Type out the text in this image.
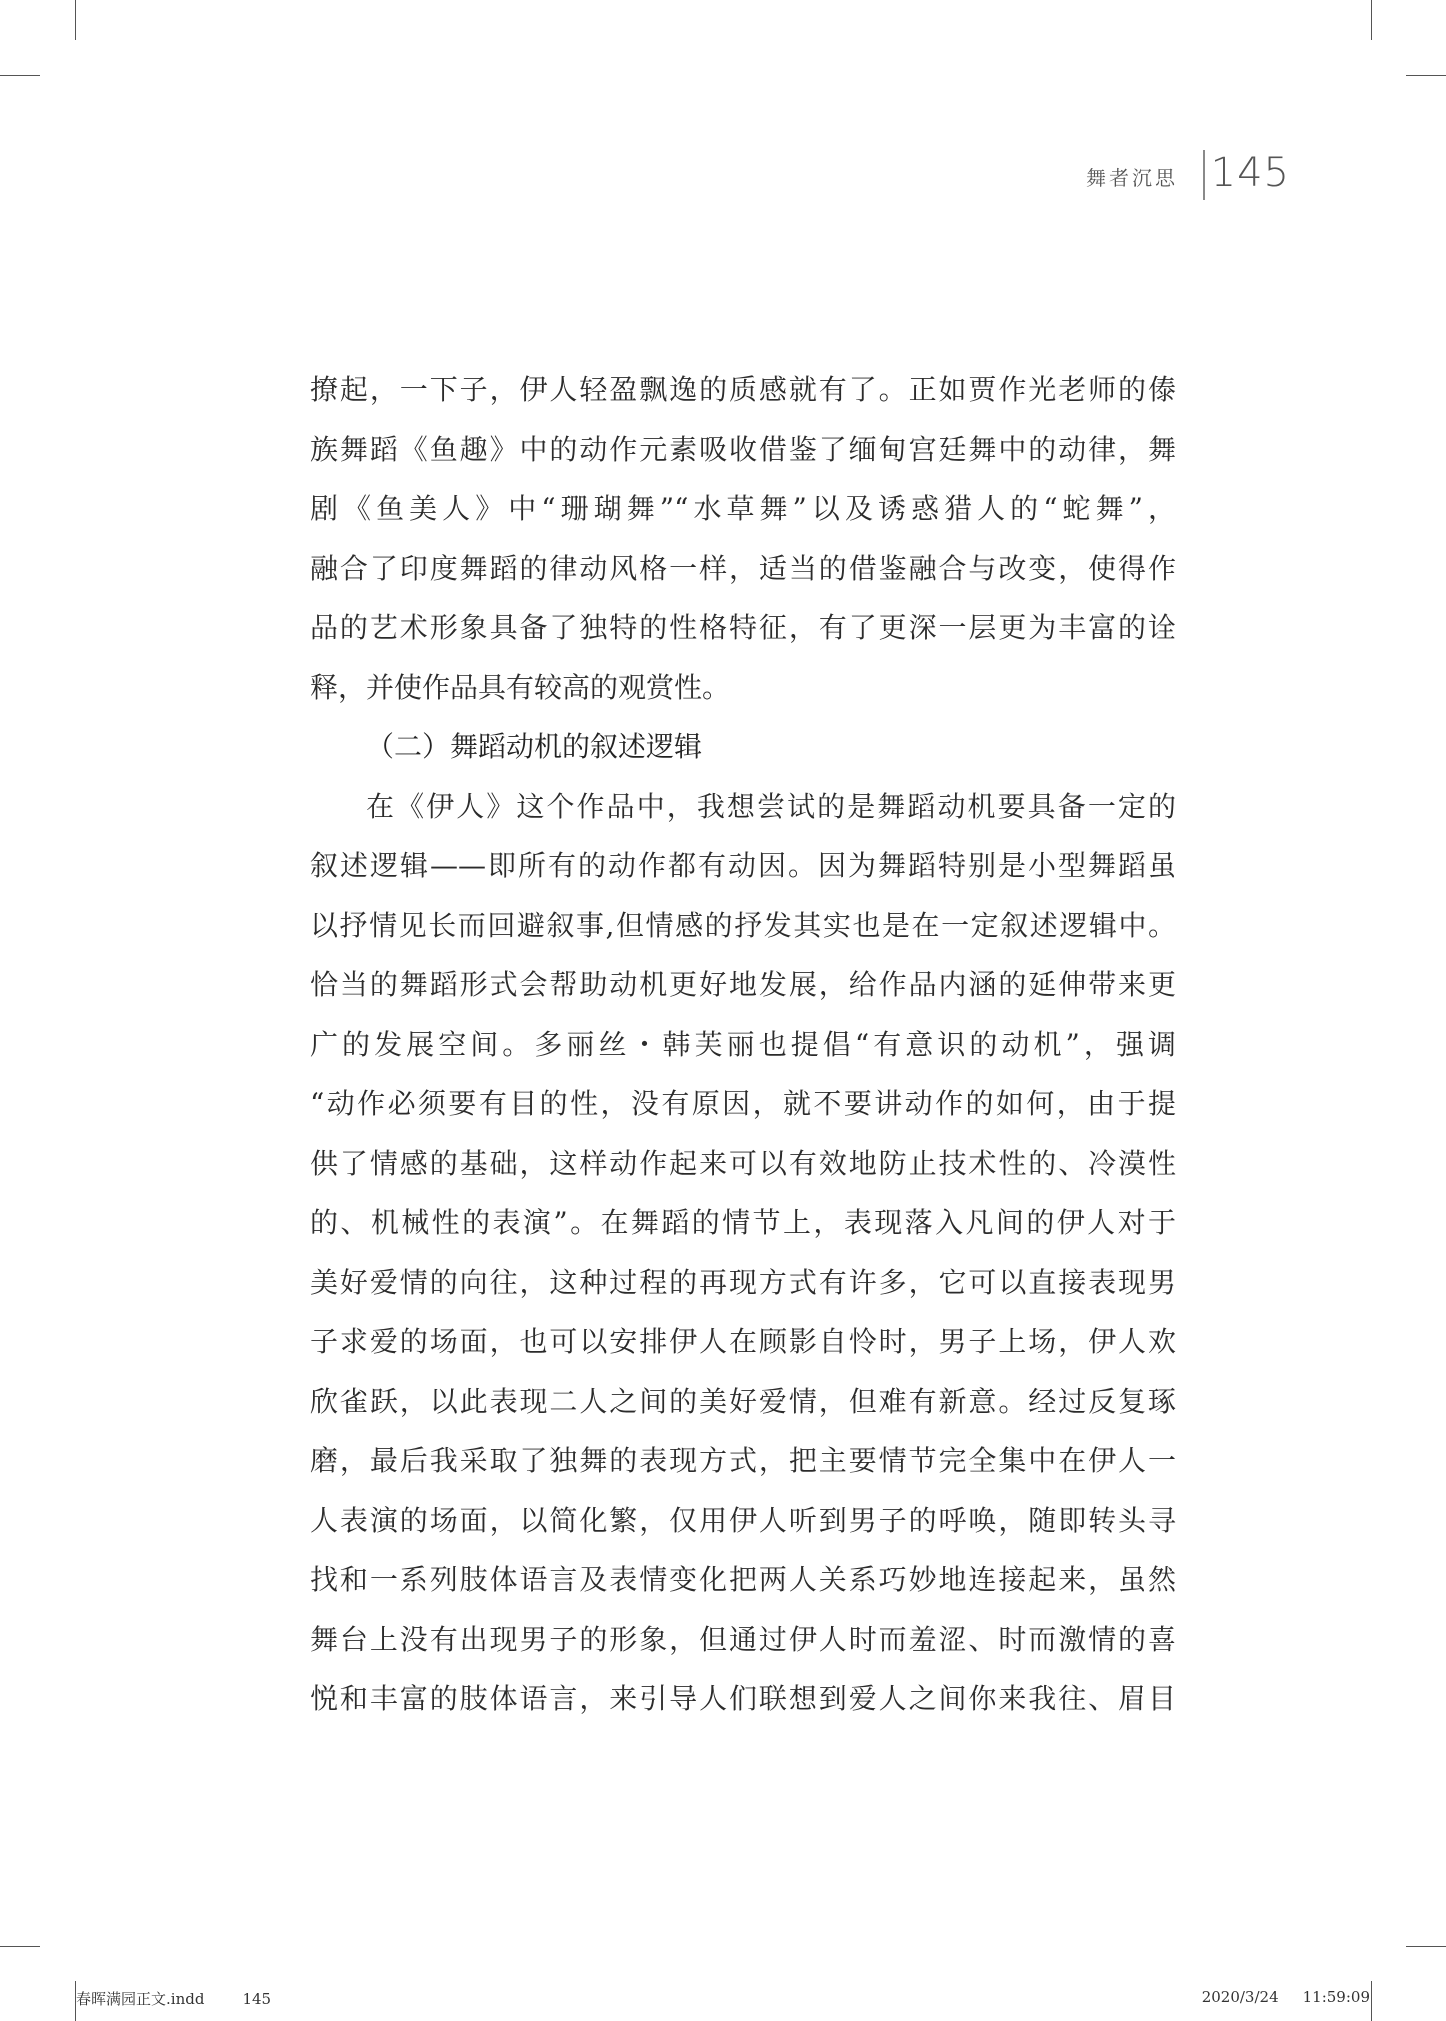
舞者沉思 145
撩起，一下子，伊人轻盈飘逸的质感就有了。正如贾作光老师的傣
族舞蹈《鱼趣》中的动作元素吸收借鉴了缅甸宫廷舞中的动律，舞
剧《鱼美人》中“珊瑚舞”“水草舞”以及诱惑猎人的“蛇舞”，
融合了印度舞蹈的律动风格一样，适当的借鉴融合与改变，使得作
品的艺术形象具备了独特的性格特征，有了更深一层更为丰富的诠
释，并使作品具有较高的观赏性。
（二）舞蹈动机的叙述逻辑
在《伊人》这个作品中，我想尝试的是舞蹈动机要具备一定的
叙述逻辑——即所有的动作都有动因。因为舞蹈特别是小型舞蹈虽
以抒情见长而回避叙事,但情感的抒发其实也是在一定叙述逻辑中。
恰当的舞蹈形式会帮助动机更好地发展，给作品内涵的延伸带来更
广的发展空间。多丽丝・韩芙丽也提倡“有意识的动机”，强调
“动作必须要有目的性，没有原因，就不要讲动作的如何，由于提
供了情感的基础，这样动作起来可以有效地防止技术性的、冷漠性
的、机械性的表演”。在舞蹈的情节上，表现落入凡间的伊人对于
美好爱情的向往，这种过程的再现方式有许多，它可以直接表现男
子求爱的场面，也可以安排伊人在顾影自怜时，男子上场，伊人欢
欣雀跃，以此表现二人之间的美好爱情，但难有新意。经过反复琢
磨，最后我采取了独舞的表现方式，把主要情节完全集中在伊人一
人表演的场面，以简化繁，仅用伊人听到男子的呼唤，随即转头寻
找和一系列肢体语言及表情变化把两人关系巧妙地连接起来，虽然
舞台上没有出现男子的形象，但通过伊人时而羞涩、时而激情的喜
悦和丰富的肢体语言，来引导人们联想到爱人之间你来我往、眉目
春晖满园正文.indd	145	2020/3/24 11:59:09
